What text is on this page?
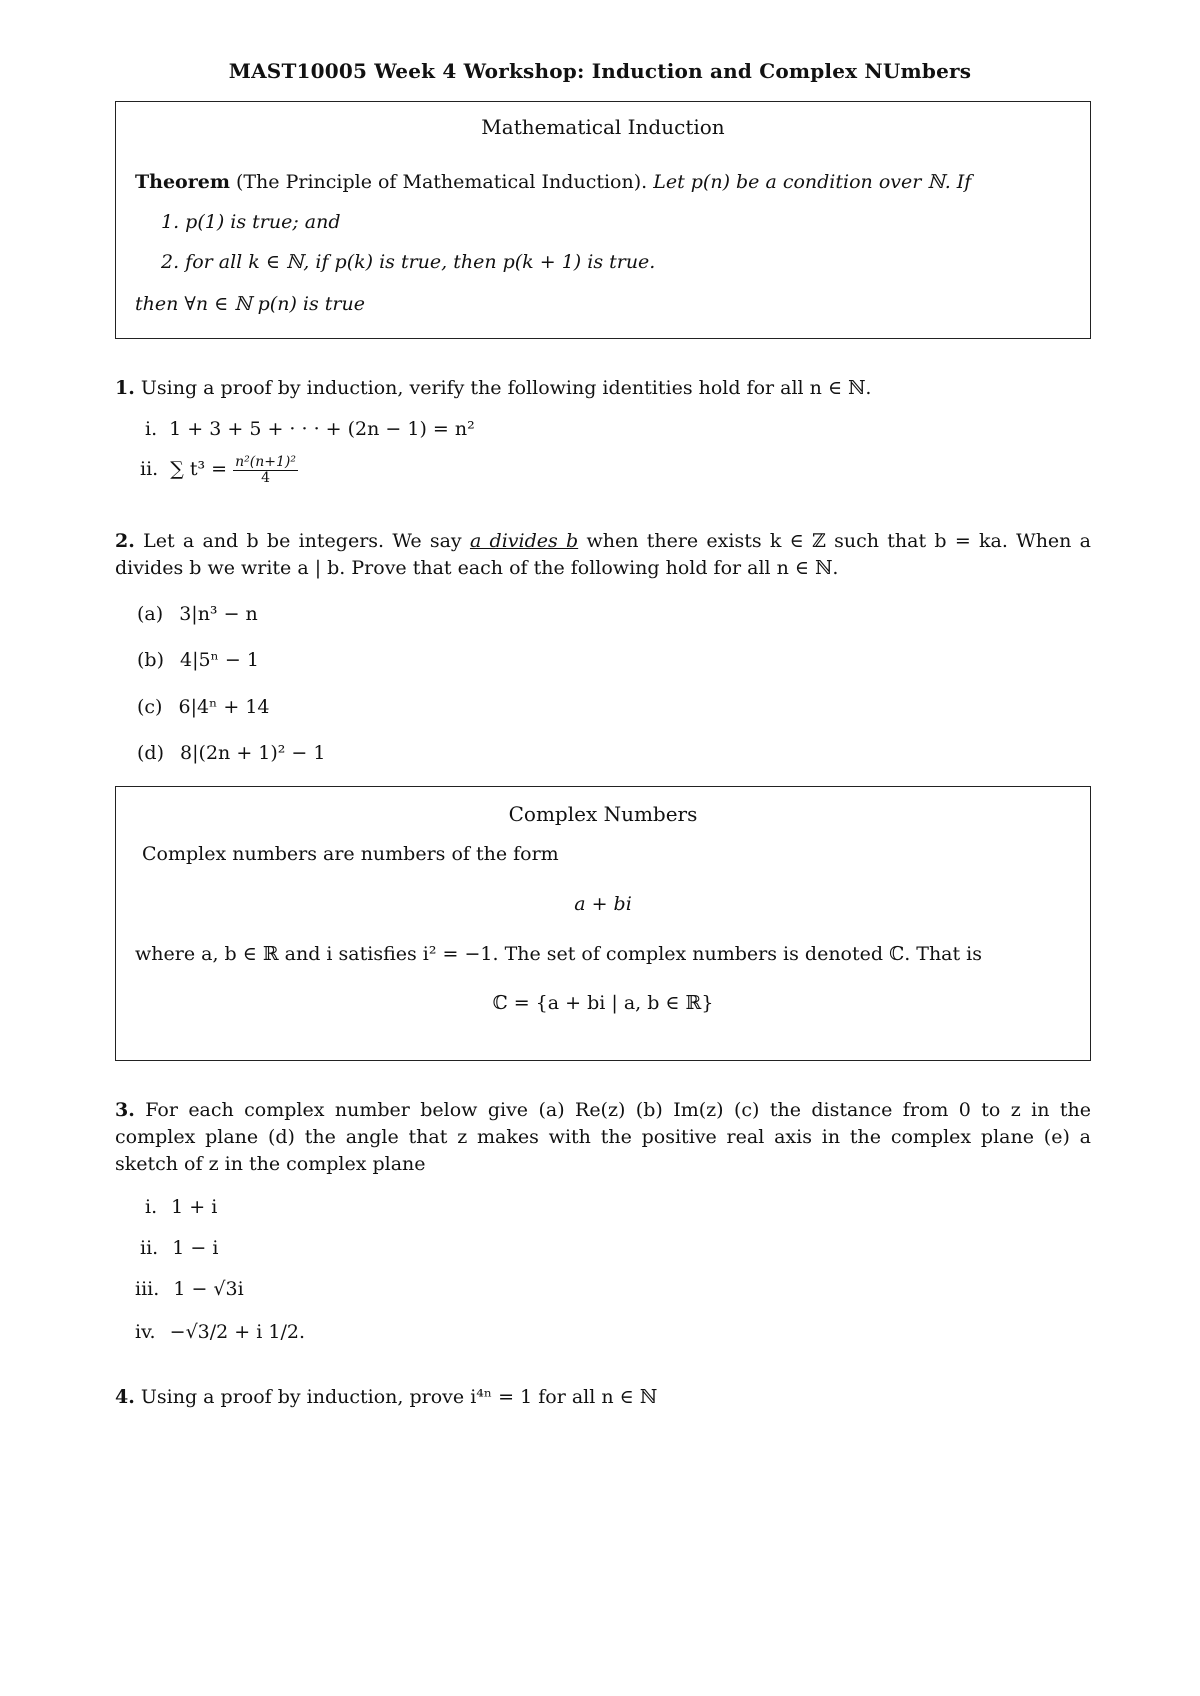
MAST10005 Week 4 Workshop: Induction and Complex NUmbers
Mathematical Induction
Theorem (The Principle of Mathematical Induction). Let p(n) be a condition over ℕ. If
1. p(1) is true; and
2. for all k ∈ ℕ, if p(k) is true, then p(k + 1) is true.
then ∀n ∈ ℕ p(n) is true
1. Using a proof by induction, verify the following identities hold for all n ∈ ℕ.
i. 1 + 3 + 5 + · · · + (2n − 1) = n²
ii. ∑ $t^3 = \frac{\text{n²(n+1)²}}{4}$
2. Let a and b be integers. We say a divides b when there exists k ∈ ℤ such that b = ka. When a divides b we write a | b. Prove that each of the following hold for all n ∈ ℕ.
(a) 3|n³ − n
(b) 4|5ⁿ − 1
(c) 6|4ⁿ + 14
(d) 8|(2n + 1)² − 1
Complex Numbers
Complex numbers are numbers of the form
a + bi
where a, b ∈ ℝ and i satisfies i² = −1. The set of complex numbers is denoted ℂ. That is
ℂ = {a + bi | a, b ∈ ℝ}
3. For each complex number below give (a) Re(z) (b) Im(z) (c) the distance from 0 to z in the complex plane (d) the angle that z makes with the positive real axis in the complex plane (e) a sketch of z in the complex plane
i. 1 + i
ii. 1 − i
iii. 1 − √3i
iv. −√3/2 + i 1/2.
4. Using a proof by induction, prove i⁴ⁿ = 1 for all n ∈ ℕ
